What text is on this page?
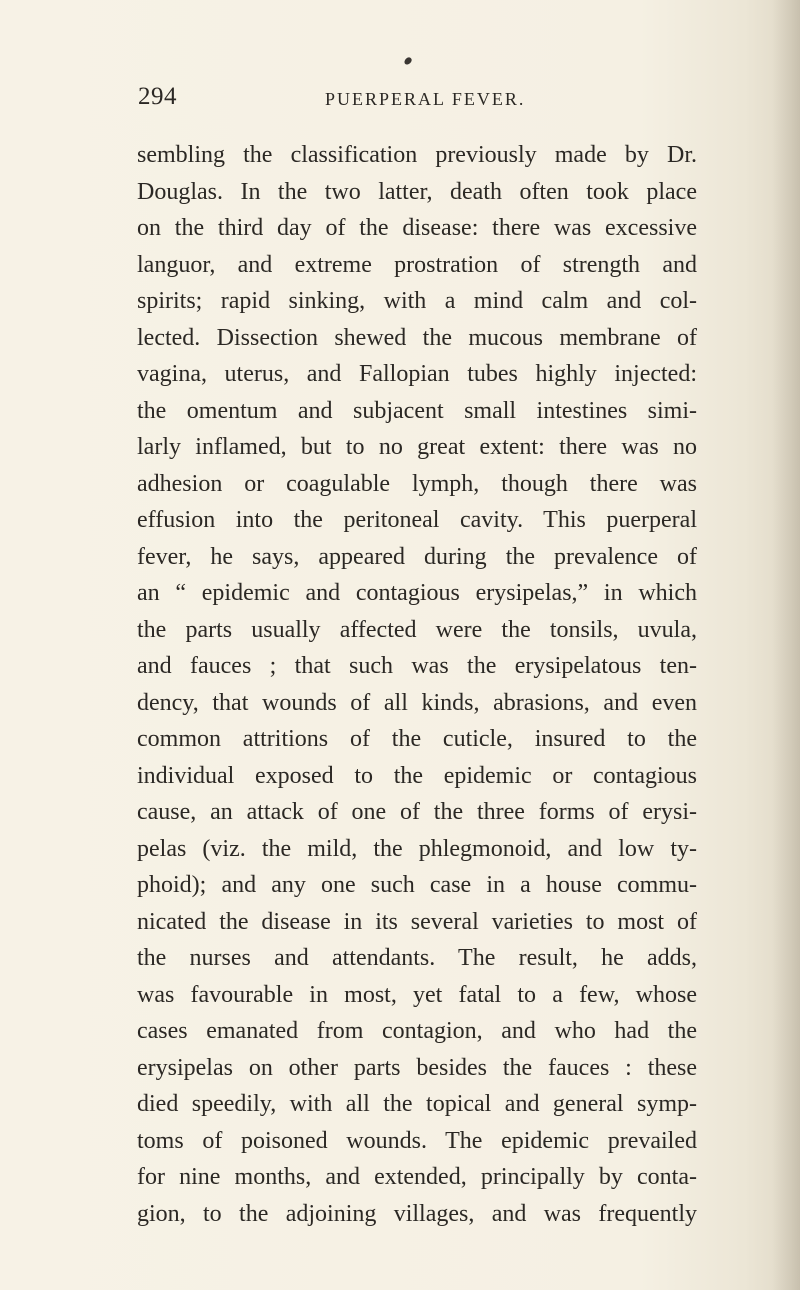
294	PUERPERAL FEVER.
sembling the classification previously made by Dr.
Douglas. In the two latter, death often took place
on the third day of the disease: there was excessive
languor, and extreme prostration of strength and
spirits; rapid sinking, with a mind calm and col-
lected. Dissection shewed the mucous membrane of
vagina, uterus, and Fallopian tubes highly injected:
the omentum and subjacent small intestines simi-
larly inflamed, but to no great extent: there was no
adhesion or coagulable lymph, though there was
effusion into the peritoneal cavity. This puerperal
fever, he says, appeared during the prevalence of
an “ epidemic and contagious erysipelas,” in which
the parts usually affected were the tonsils, uvula,
and fauces ; that such was the erysipelatous ten-
dency, that wounds of all kinds, abrasions, and even
common attritions of the cuticle, insured to the
individual exposed to the epidemic or contagious
cause, an attack of one of the three forms of erysi-
pelas (viz. the mild, the phlegmonoid, and low ty-
phoid); and any one such case in a house commu-
nicated the disease in its several varieties to most of
the nurses and attendants. The result, he adds,
was favourable in most, yet fatal to a few, whose
cases emanated from contagion, and who had the
erysipelas on other parts besides the fauces : these
died speedily, with all the topical and general symp-
toms of poisoned wounds. The epidemic prevailed
for nine months, and extended, principally by conta-
gion, to the adjoining villages, and was frequently
